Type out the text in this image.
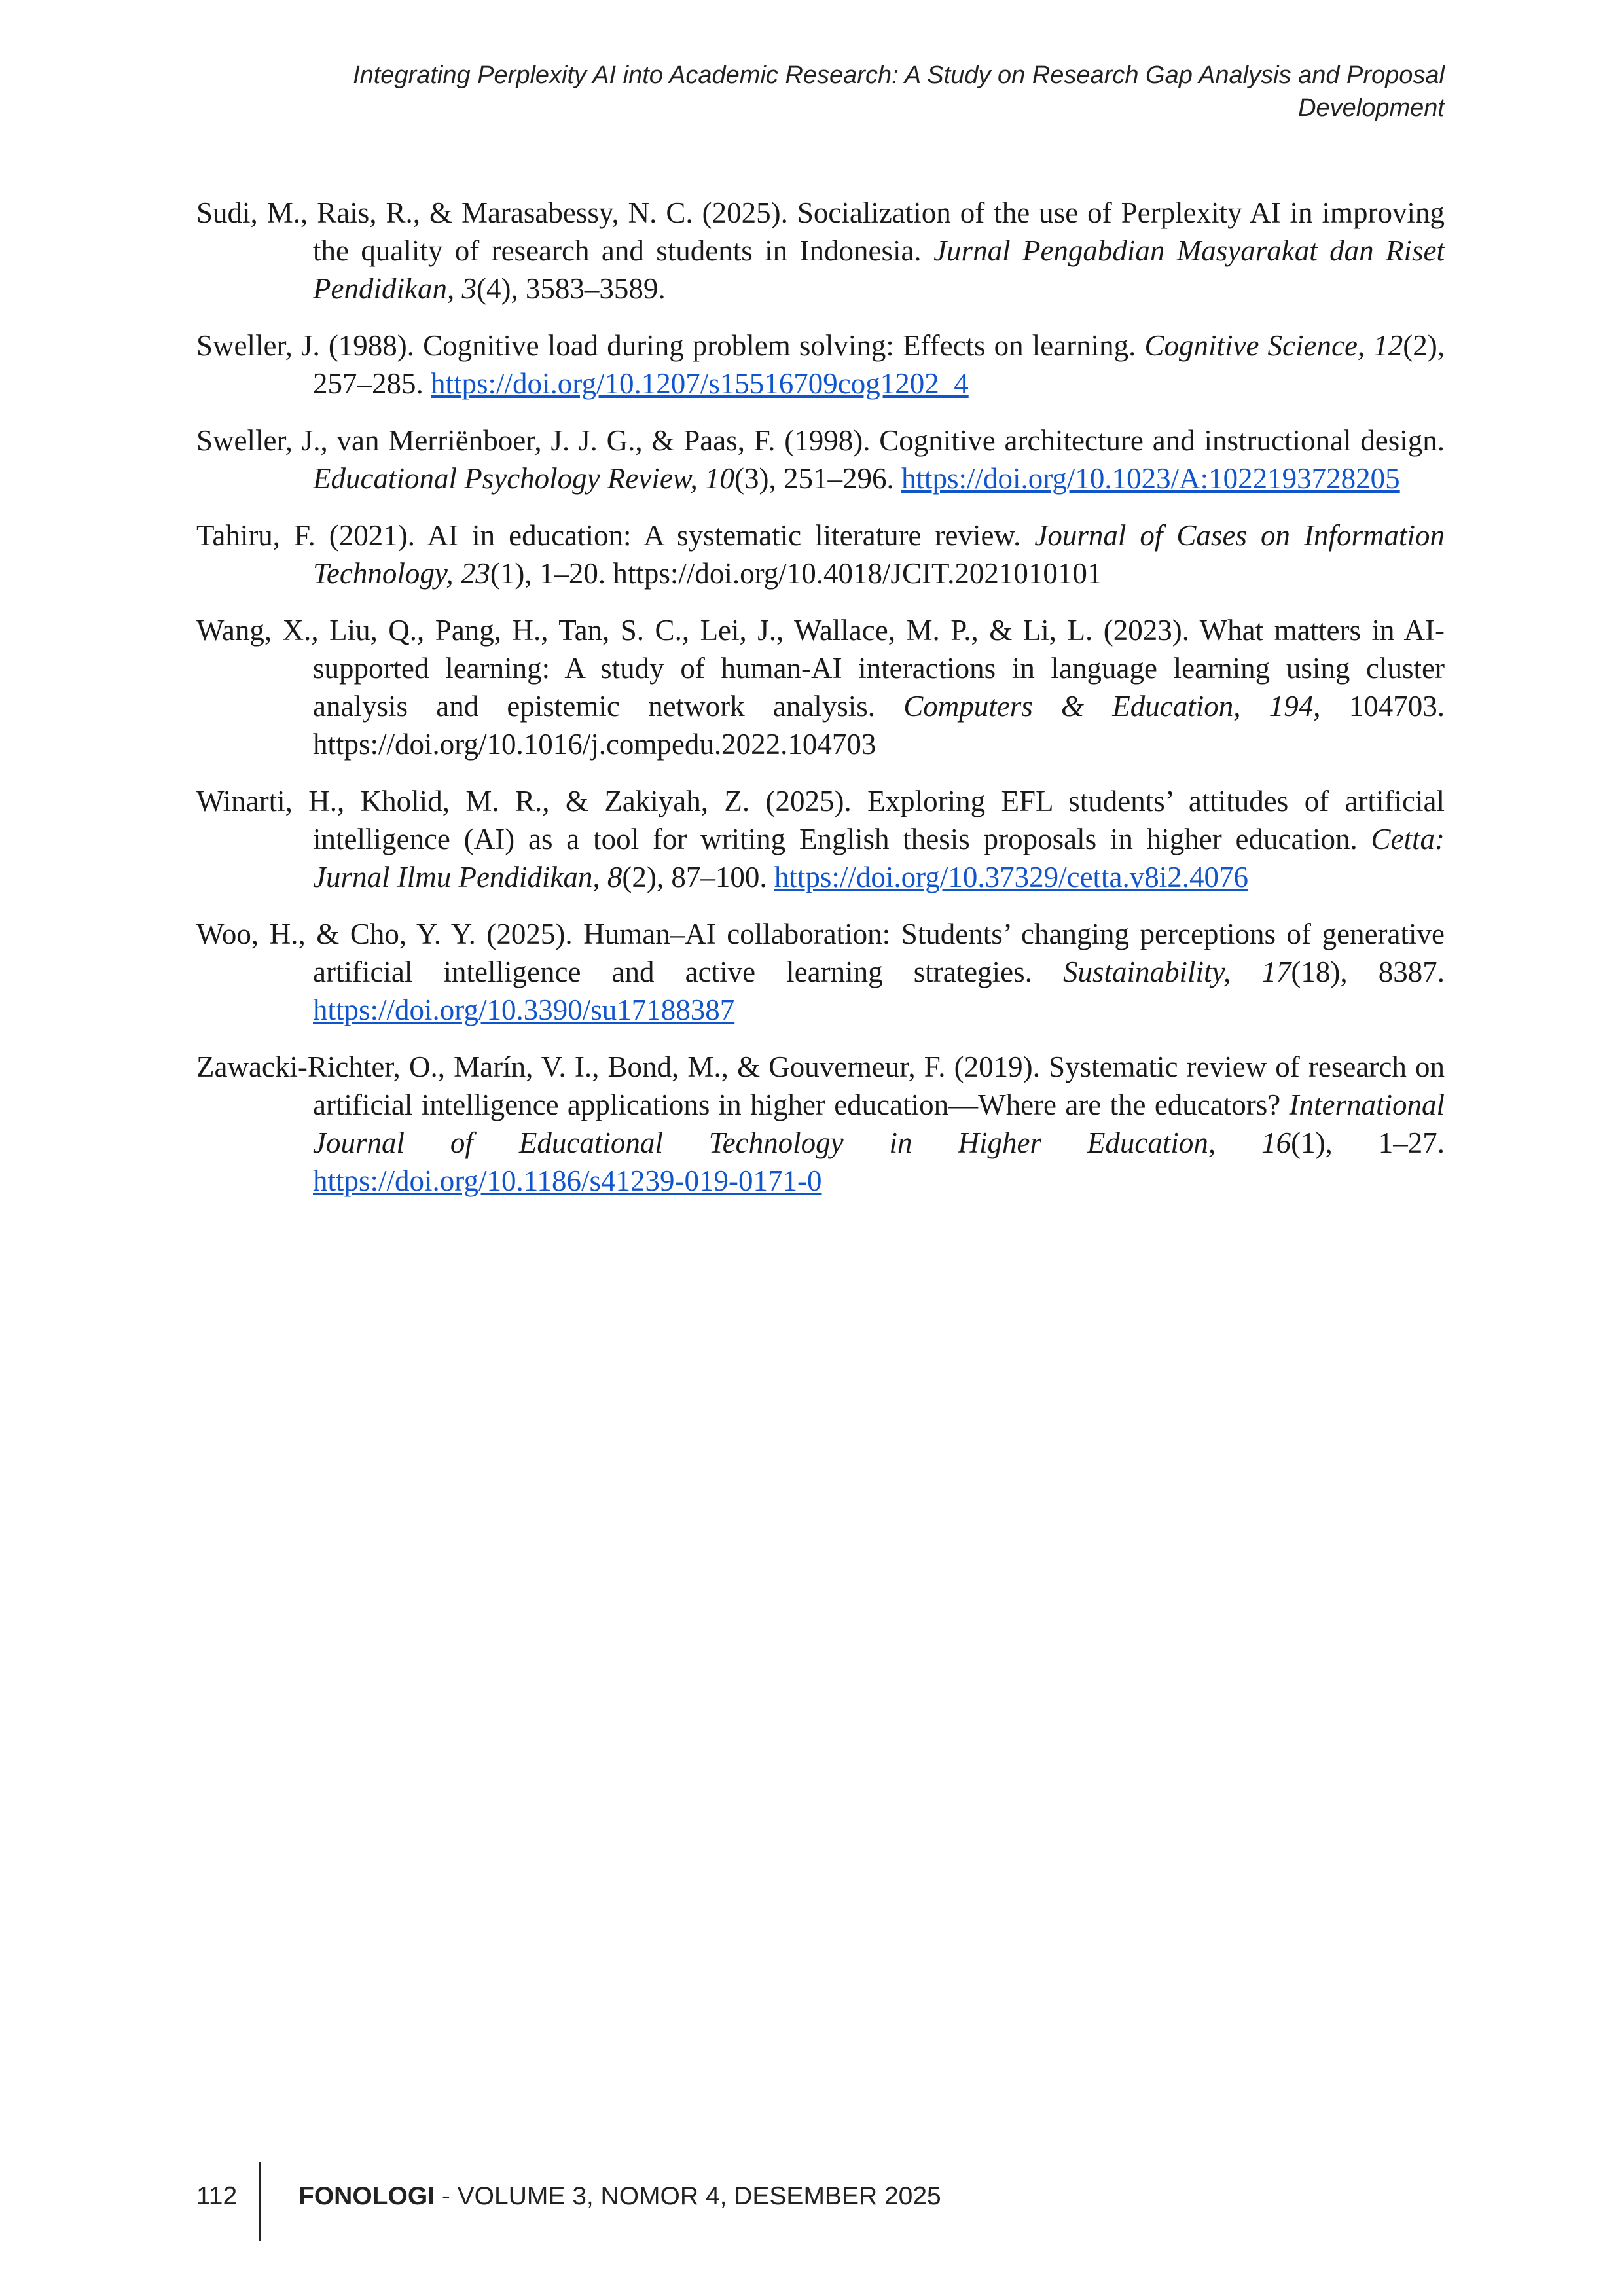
Integrating Perplexity AI into Academic Research: A Study on Research Gap Analysis and Proposal
Development

Sudi, M., Rais, R., & Marasabessy, N. C. (2025). Socialization of the use of Perplexity AI in improving the quality of research and students in Indonesia. Jurnal Pengabdian Masyarakat dan Riset Pendidikan, 3(4), 3583–3589.

Sweller, J. (1988). Cognitive load during problem solving: Effects on learning. Cognitive Science, 12(2), 257–285. https://doi.org/10.1207/s15516709cog1202_4

Sweller, J., van Merriënboer, J. J. G., & Paas, F. (1998). Cognitive architecture and instructional design. Educational Psychology Review, 10(3), 251–296. https://doi.org/10.1023/A:1022193728205

Tahiru, F. (2021). AI in education: A systematic literature review. Journal of Cases on Information Technology, 23(1), 1–20. https://doi.org/10.4018/JCIT.2021010101

Wang, X., Liu, Q., Pang, H., Tan, S. C., Lei, J., Wallace, M. P., & Li, L. (2023). What matters in AI-supported learning: A study of human-AI interactions in language learning using cluster analysis and epistemic network analysis. Computers & Education, 194, 104703. https://doi.org/10.1016/j.compedu.2022.104703

Winarti, H., Kholid, M. R., & Zakiyah, Z. (2025). Exploring EFL students’ attitudes of artificial intelligence (AI) as a tool for writing English thesis proposals in higher education. Cetta: Jurnal Ilmu Pendidikan, 8(2), 87–100. https://doi.org/10.37329/cetta.v8i2.4076

Woo, H., & Cho, Y. Y. (2025). Human–AI collaboration: Students’ changing perceptions of generative artificial intelligence and active learning strategies. Sustainability, 17(18), 8387. https://doi.org/10.3390/su17188387

Zawacki-Richter, O., Marín, V. I., Bond, M., & Gouverneur, F. (2019). Systematic review of research on artificial intelligence applications in higher education—Where are the educators? International Journal of Educational Technology in Higher Education, 16(1), 1–27. https://doi.org/10.1186/s41239-019-0171-0

112 FONOLOGI - VOLUME 3, NOMOR 4, DESEMBER 2025
